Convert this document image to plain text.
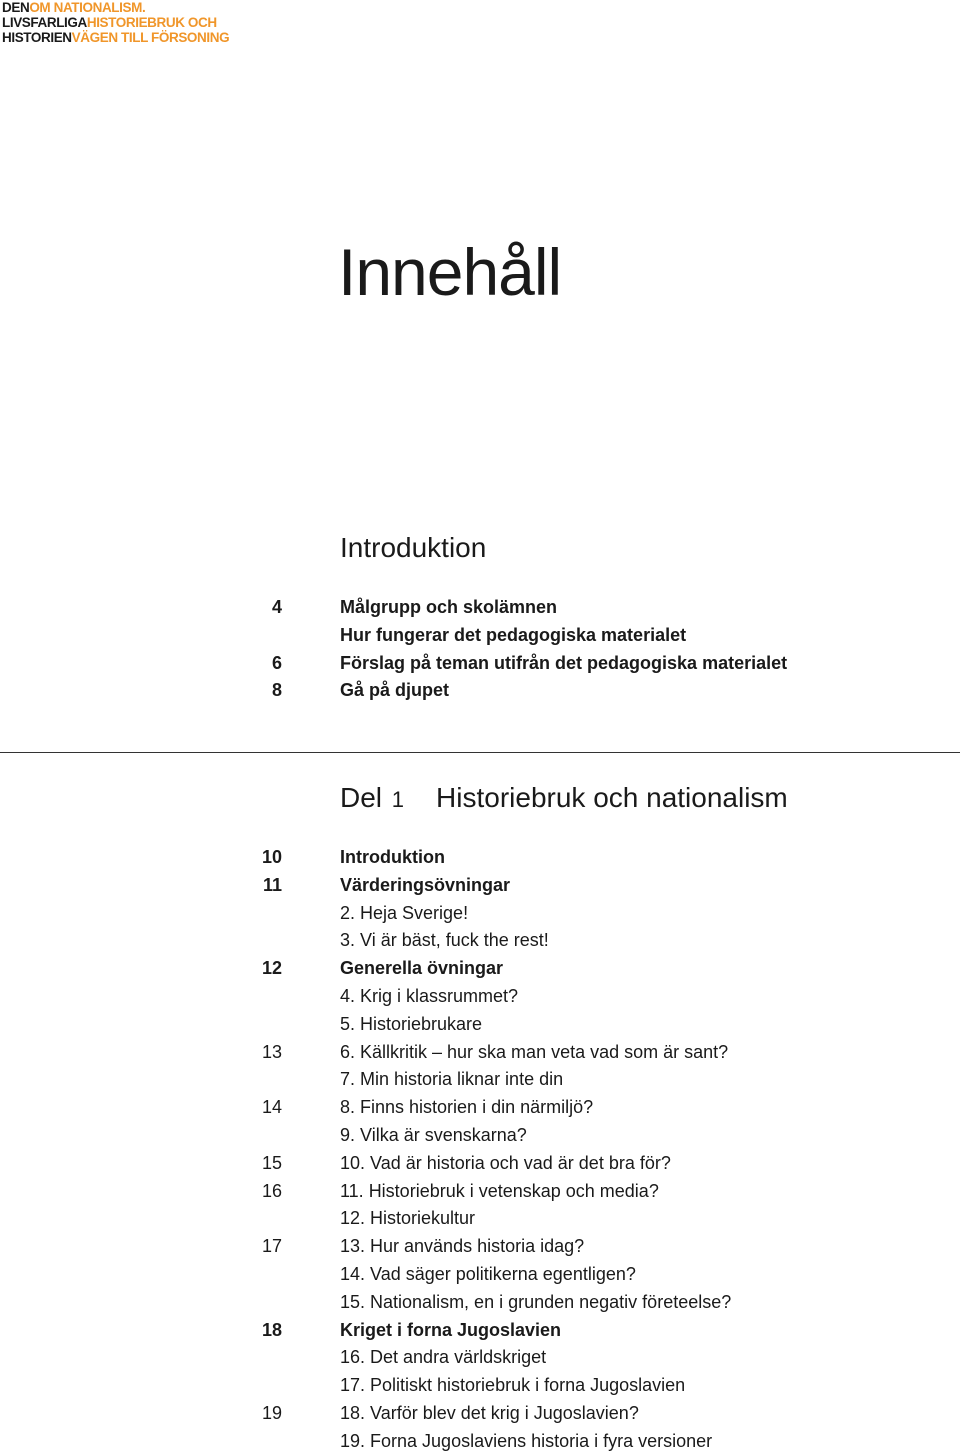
DENOM NATIONALISM.
LIVSFARLIGAHISTORIEBRUK OCH
HISTORIENVÄGEN TILL FÖRSONING
Innehåll
Introduktion
4	Målgrupp och skolämnen
Hur fungerar det pedagogiska materialet
6	Förslag på teman utifrån det pedagogiska materialet
8	Gå på djupet
Del 1 Historiebruk och nationalism
10	Introduktion
11	Värderingsövningar
2. Heja Sverige!
3. Vi är bäst, fuck the rest!
12	Generella övningar
4. Krig i klassrummet?
5. Historiebrukare
13	6. Källkritik – hur ska man veta vad som är sant?
7. Min historia liknar inte din
14	8. Finns historien i din närmiljö?
9. Vilka är svenskarna?
15	10. Vad är historia och vad är det bra för?
16	11. Historiebruk i vetenskap och media?
12. Historiekultur
17	13. Hur används historia idag?
14. Vad säger politikerna egentligen?
15. Nationalism, en i grunden negativ företeelse?
18	Kriget i forna Jugoslavien
16. Det andra världskriget
17. Politiskt historiebruk i forna Jugoslavien
19	18. Varför blev det krig i Jugoslavien?
19. Forna Jugoslaviens historia i fyra versioner
